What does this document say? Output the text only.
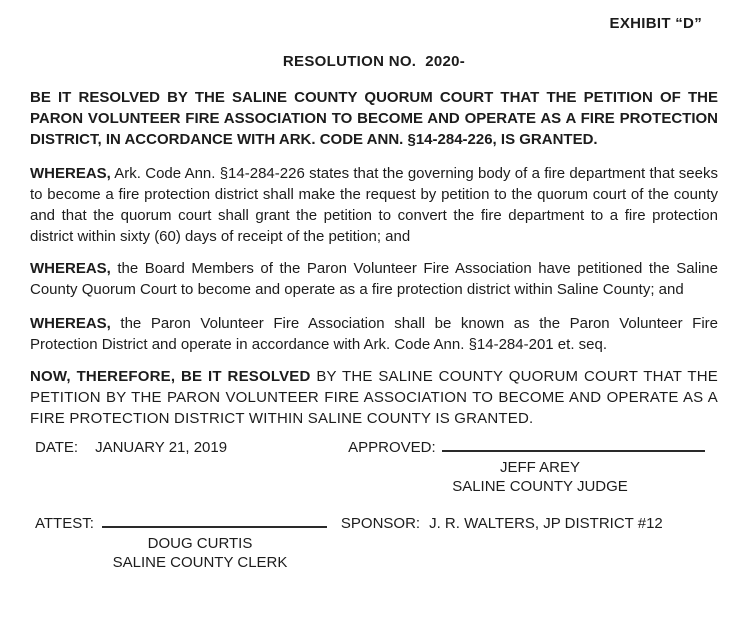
EXHIBIT “D”
RESOLUTION NO.  2020-

BE IT RESOLVED BY THE SALINE COUNTY QUORUM COURT THAT THE PETITION OF THE PARON VOLUNTEER FIRE ASSOCIATION TO BECOME AND OPERATE AS A FIRE PROTECTION DISTRICT, IN ACCORDANCE WITH ARK. CODE ANN. §14-284-226, IS GRANTED.

WHEREAS, Ark. Code Ann. §14-284-226 states that the governing body of a fire department that seeks to become a fire protection district shall make the request by petition to the quorum court of the county and that the quorum court shall grant the petition to convert the fire department to a fire protection district within sixty (60) days of receipt of the petition; and

WHEREAS, the Board Members of the Paron Volunteer Fire Association have petitioned the Saline County Quorum Court to become and operate as a fire protection district within Saline County; and

WHEREAS, the Paron Volunteer Fire Association shall be known as the Paron Volunteer Fire Protection District and operate in accordance with Ark. Code Ann. §14-284-201 et. seq.

NOW, THEREFORE, BE IT RESOLVED BY THE SALINE COUNTY QUORUM COURT THAT THE PETITION BY THE PARON VOLUNTEER FIRE ASSOCIATION TO BECOME AND OPERATE AS A FIRE PROTECTION DISTRICT WITHIN SALINE COUNTY IS GRANTED.

DATE: JANUARY 21, 2019	APPROVED:
JEFF AREY
SALINE COUNTY JUDGE
ATTEST:	SPONSOR: J. R. WALTERS, JP DISTRICT #12
DOUG CURTIS
SALINE COUNTY CLERK
